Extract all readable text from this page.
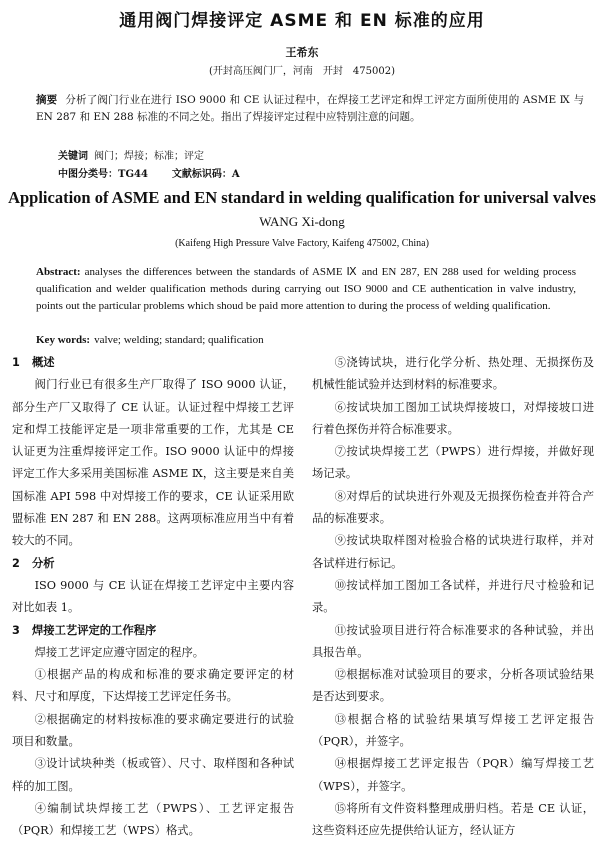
通用阀门焊接评定 ASME 和 EN 标准的应用
王希东
(开封高压阀门厂，河南　开封　475002)
摘要 分析了阀门行业在进行 ISO 9000 和 CE 认证过程中，在焊接工艺评定和焊工评定方面所使用的 ASME Ⅸ 与 EN 287 和 EN 288 标准的不同之处。指出了焊接评定过程中应特别注意的问题。
关键词 阀门；焊接；标准；评定
中图分类号：TG44 文献标识码：A
Application of ASME and EN standard in welding qualification for universal valves
WANG Xi-dong
(Kaifeng High Pressure Valve Factory, Kaifeng 475002, China)
Abstract: analyses the differences between the standards of ASME Ⅸ and EN 287, EN 288 used for welding process qualification and welder qualification methods during carrying out ISO 9000 and CE authentication in valve industry, points out the particular problems which shoud be paid more attention to during the process of welding qualification.
Key words: valve; welding; standard; qualification

1 概述

阀门行业已有很多生产厂取得了 ISO 9000 认证，部分生产厂又取得了 CE 认证。认证过程中焊接工艺评定和焊工技能评定是一项非常重要的工作，尤其是 CE 认证更为注重焊接评定工作。ISO 9000 认证中的焊接评定工作大多采用美国标准 ASME Ⅸ，这主要是来自美国标准 API 598 中对焊接工作的要求，CE 认证采用欧盟标准 EN 287 和 EN 288。这两项标准应用当中有着较大的不同。

2 分析

ISO 9000 与 CE 认证在焊接工艺评定中主要内容对比如表 1。

3 焊接工艺评定的工作程序

焊接工艺评定应遵守固定的程序。

①根据产品的构成和标准的要求确定要评定的材料、尺寸和厚度，下达焊接工艺评定任务书。

②根据确定的材料按标准的要求确定要进行的试验项目和数量。

③设计试块种类（板或管）、尺寸、取样图和各种试样的加工图。

④编制试块焊接工艺（PWPS）、工艺评定报告（PQR）和焊接工艺（WPS）格式。

⑤浇铸试块，进行化学分析、热处理、无损探伤及机械性能试验并达到材料的标准要求。

⑥按试块加工图加工试块焊接坡口，对焊接坡口进行着色探伤并符合标准要求。

⑦按试块焊接工艺（PWPS）进行焊接，并做好现场记录。

⑧对焊后的试块进行外观及无损探伤检查并符合产品的标准要求。

⑨按试块取样图对检验合格的试块进行取样，并对各试样进行标记。

⑩按试样加工图加工各试样，并进行尺寸检验和记录。

⑪按试验项目进行符合标准要求的各种试验，并出具报告单。

⑫根据标准对试验项目的要求，分析各项试验结果是否达到要求。

⑬根据合格的试验结果填写焊接工艺评定报告（PQR），并签字。

⑭根据焊接工艺评定报告（PQR）编写焊接工艺（WPS），并签字。

⑮将所有文件资料整理成册归档。若是 CE 认证，这些资料还应先提供给认证方，经认证方
